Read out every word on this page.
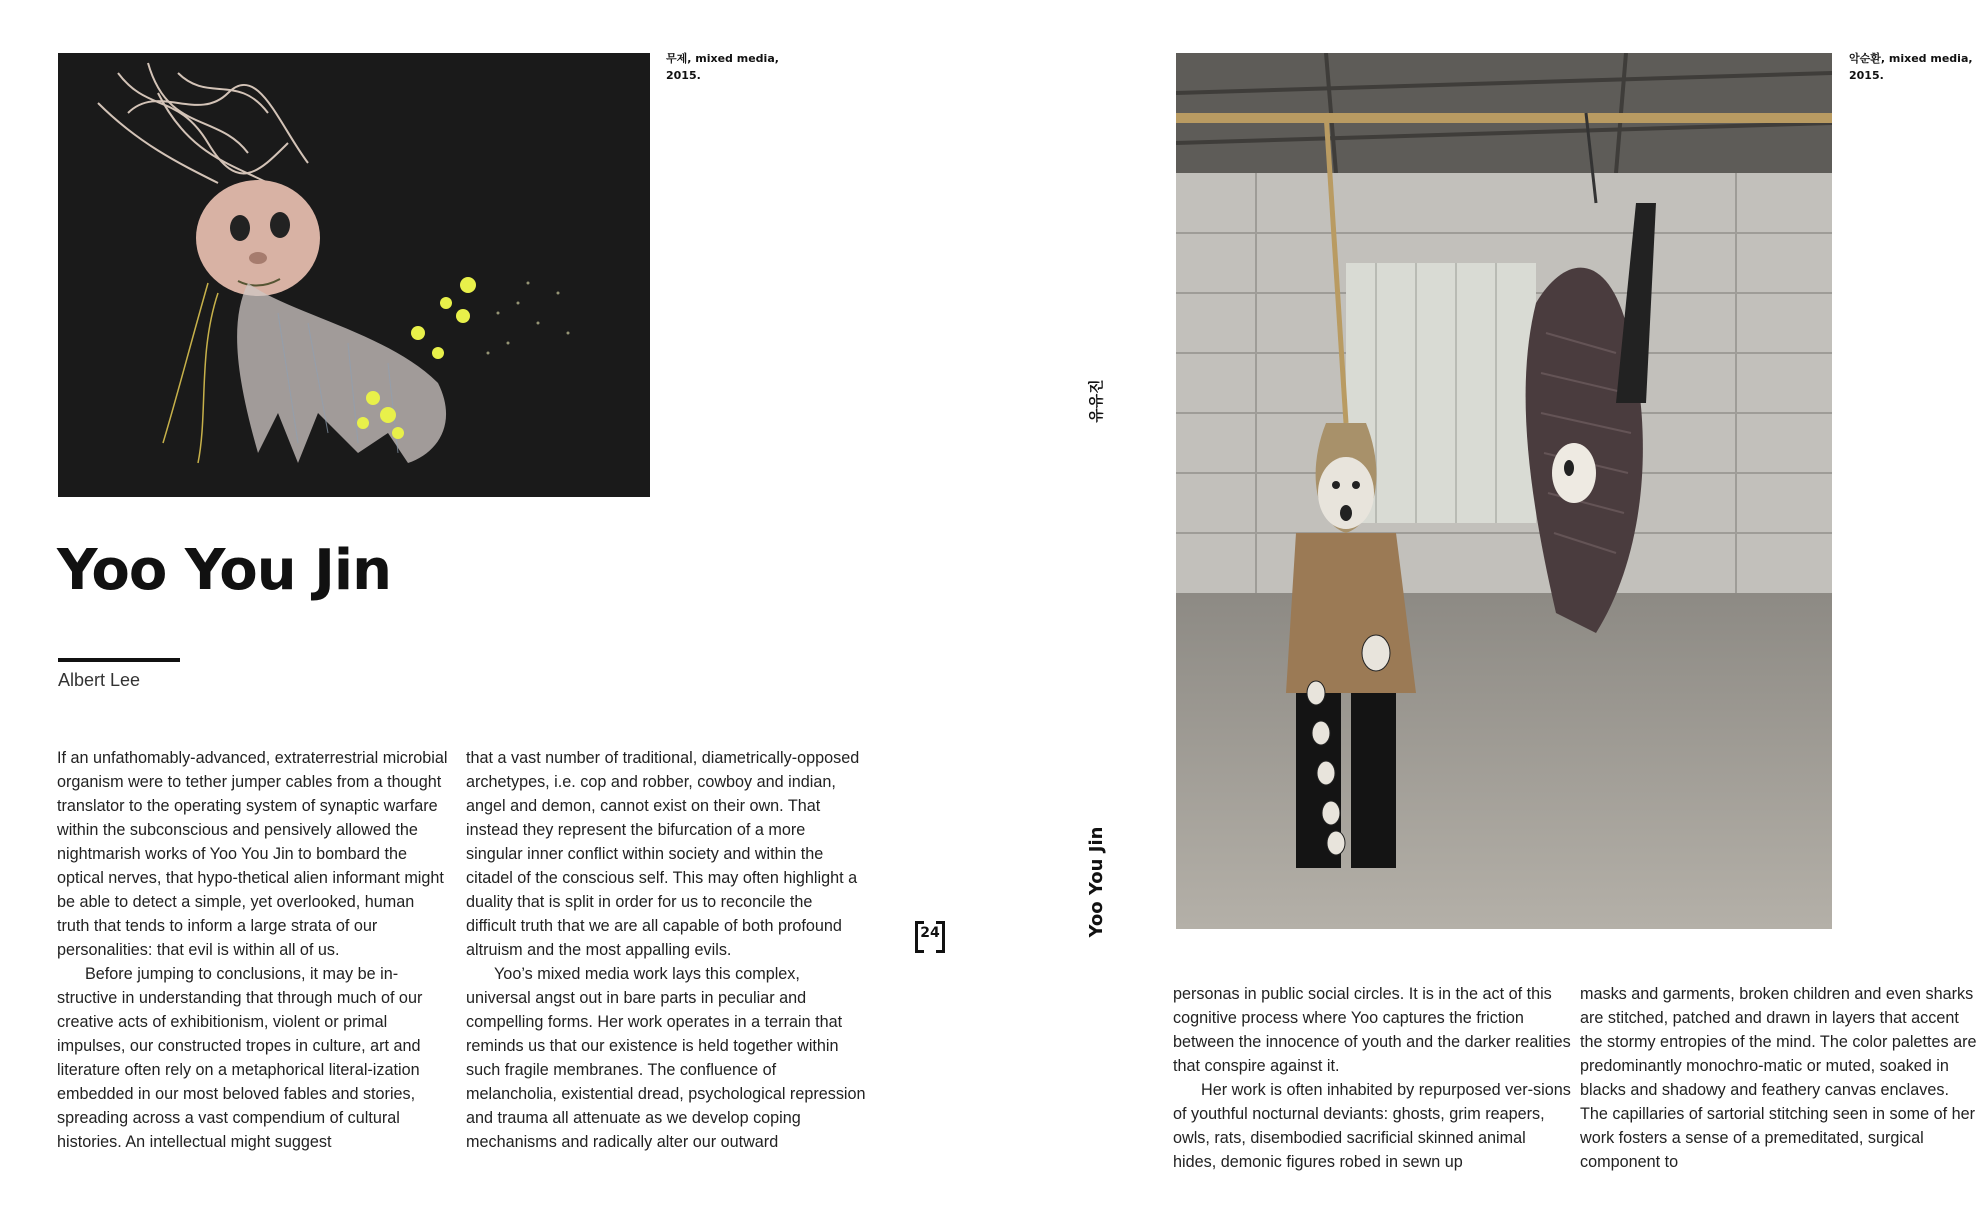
무제, mixed media,
2015.
악순환, mixed media,
2015.
Yoo You Jin
Albert Lee

If an unfathomably-advanced, extraterrestrial microbial organism were to tether jumper cables from a thought translator to the operating system of synaptic warfare within the subconscious and pensively allowed the nightmarish works of Yoo You Jin to bombard the optical nerves, that hypo-thetical alien informant might be able to detect a simple, yet overlooked, human truth that tends to inform a large strata of our personalities: that evil is within all of us.

Before jumping to conclusions, it may be in-structive in understanding that through much of our creative acts of exhibitionism, violent or primal impulses, our constructed tropes in culture, art and literature often rely on a metaphorical literal-ization embedded in our most beloved fables and stories, spreading across a vast compendium of cultural histories. An intellectual might suggest

that a vast number of traditional, diametrically-opposed archetypes, i.e. cop and robber, cowboy and indian, angel and demon, cannot exist on their own. That instead they represent the bifurcation of a more singular inner conflict within society and within the citadel of the conscious self. This may often highlight a duality that is split in order for us to reconcile the difficult truth that we are all capable of both profound altruism and the most appalling evils.

Yoo’s mixed media work lays this complex, universal angst out in bare parts in peculiar and compelling forms. Her work operates in a terrain that reminds us that our existence is held together within such fragile membranes. The confluence of melancholia, existential dread, psychological repression and trauma all attenuate as we develop coping mechanisms and radically alter our outward

personas in public social circles. It is in the act of this cognitive process where Yoo captures the friction between the innocence of youth and the darker realities that conspire against it.

Her work is often inhabited by repurposed ver-sions of youthful nocturnal deviants: ghosts, grim reapers, owls, rats, disembodied sacrificial skinned animal hides, demonic figures robed in sewn up

masks and garments, broken children and even sharks are stitched, patched and drawn in layers that accent the stormy entropies of the mind. The color palettes are predominantly monochro-matic or muted, soaked in blacks and shadowy and feathery canvas enclaves. The capillaries of sartorial stitching seen in some of her work fosters a sense of a premeditated, surgical component to

24
유유진
Yoo You Jin
